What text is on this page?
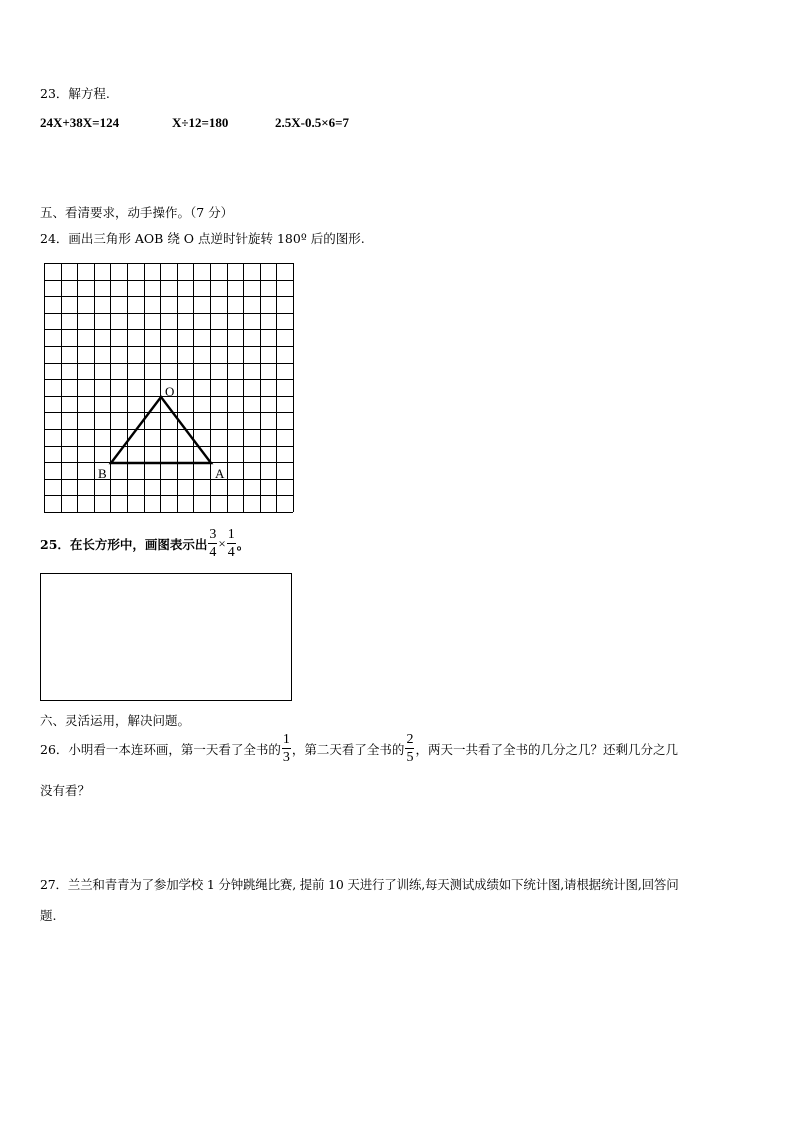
23．解方程.
24X+38X=124	X÷12=180	2.5X-0.5×6=7
五、看清要求，动手操作。（7 分）
24．画出三角形 AOB 绕 O 点逆时针旋转 180º 后的图形.
O
B	A
25．在长方形中，画图表示出 $\frac{3}{4} \times \frac{1}{4}$ 。
六、灵活运用，解决问题。
26．小明看一本连环画，第一天看了全书的 $\frac{1}{3}$ ，第二天看了全书的 $\frac{2}{5}$ ，两天一共看了全书的几分之几？还剩几分之几
没有看？
27．兰兰和青青为了参加学校 1 分钟跳绳比赛, 提前 10 天进行了训练,每天测试成绩如下统计图,请根据统计图,回答问
题.
